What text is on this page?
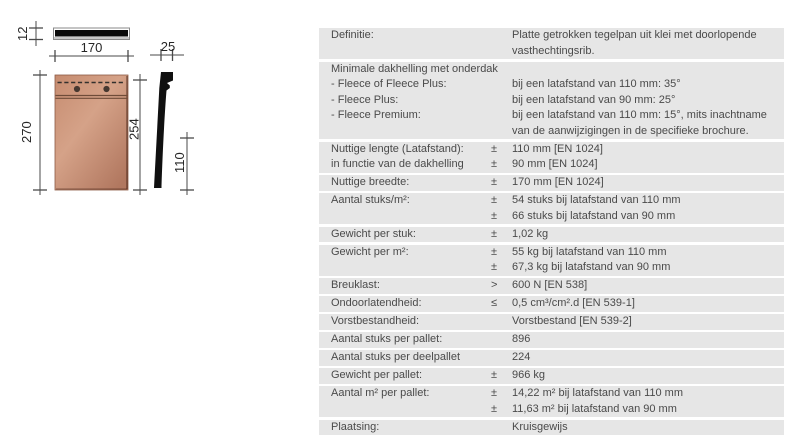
12
170	25
270	254
110
Definitie:	Platte getrokken tegelpan uit klei met doorlopende vasthechtingsrib.
Minimale dakhelling met onderdak
- Fleece of Fleece Plus:	bij een latafstand van 110 mm: 35°
- Fleece Plus:	bij een latafstand van 90 mm: 25°
- Fleece Premium:	bij een latafstand van 110 mm: 15°, mits inachtname van de aanwijzigingen in de specifieke brochure.
Nuttige lengte (Latafstand):	±	110 mm [EN 1024]
in functie van de dakhelling	±	90 mm [EN 1024]
Nuttige breedte:	±	170 mm [EN 1024]
Aantal stuks/m²:	±	54 stuks bij latafstand van 110 mm
±	66 stuks bij latafstand van 90 mm
Gewicht per stuk:	±	1,02 kg
Gewicht per m²:	±	55 kg bij latafstand van 110 mm
±	67,3 kg bij latafstand van 90 mm
Breuklast:	>	600 N [EN 538]
Ondoorlatendheid:	≤	0,5 cm³/cm².d [EN 539-1]
Vorstbestandheid:	Vorstbestand [EN 539-2]
Aantal stuks per pallet:	896
Aantal stuks per deelpallet	224
Gewicht per pallet:	±	966 kg
Aantal m² per pallet:	±	14,22 m² bij latafstand van 110 mm
±	11,63 m² bij latafstand van 90 mm
Plaatsing:	Kruisgewijs
